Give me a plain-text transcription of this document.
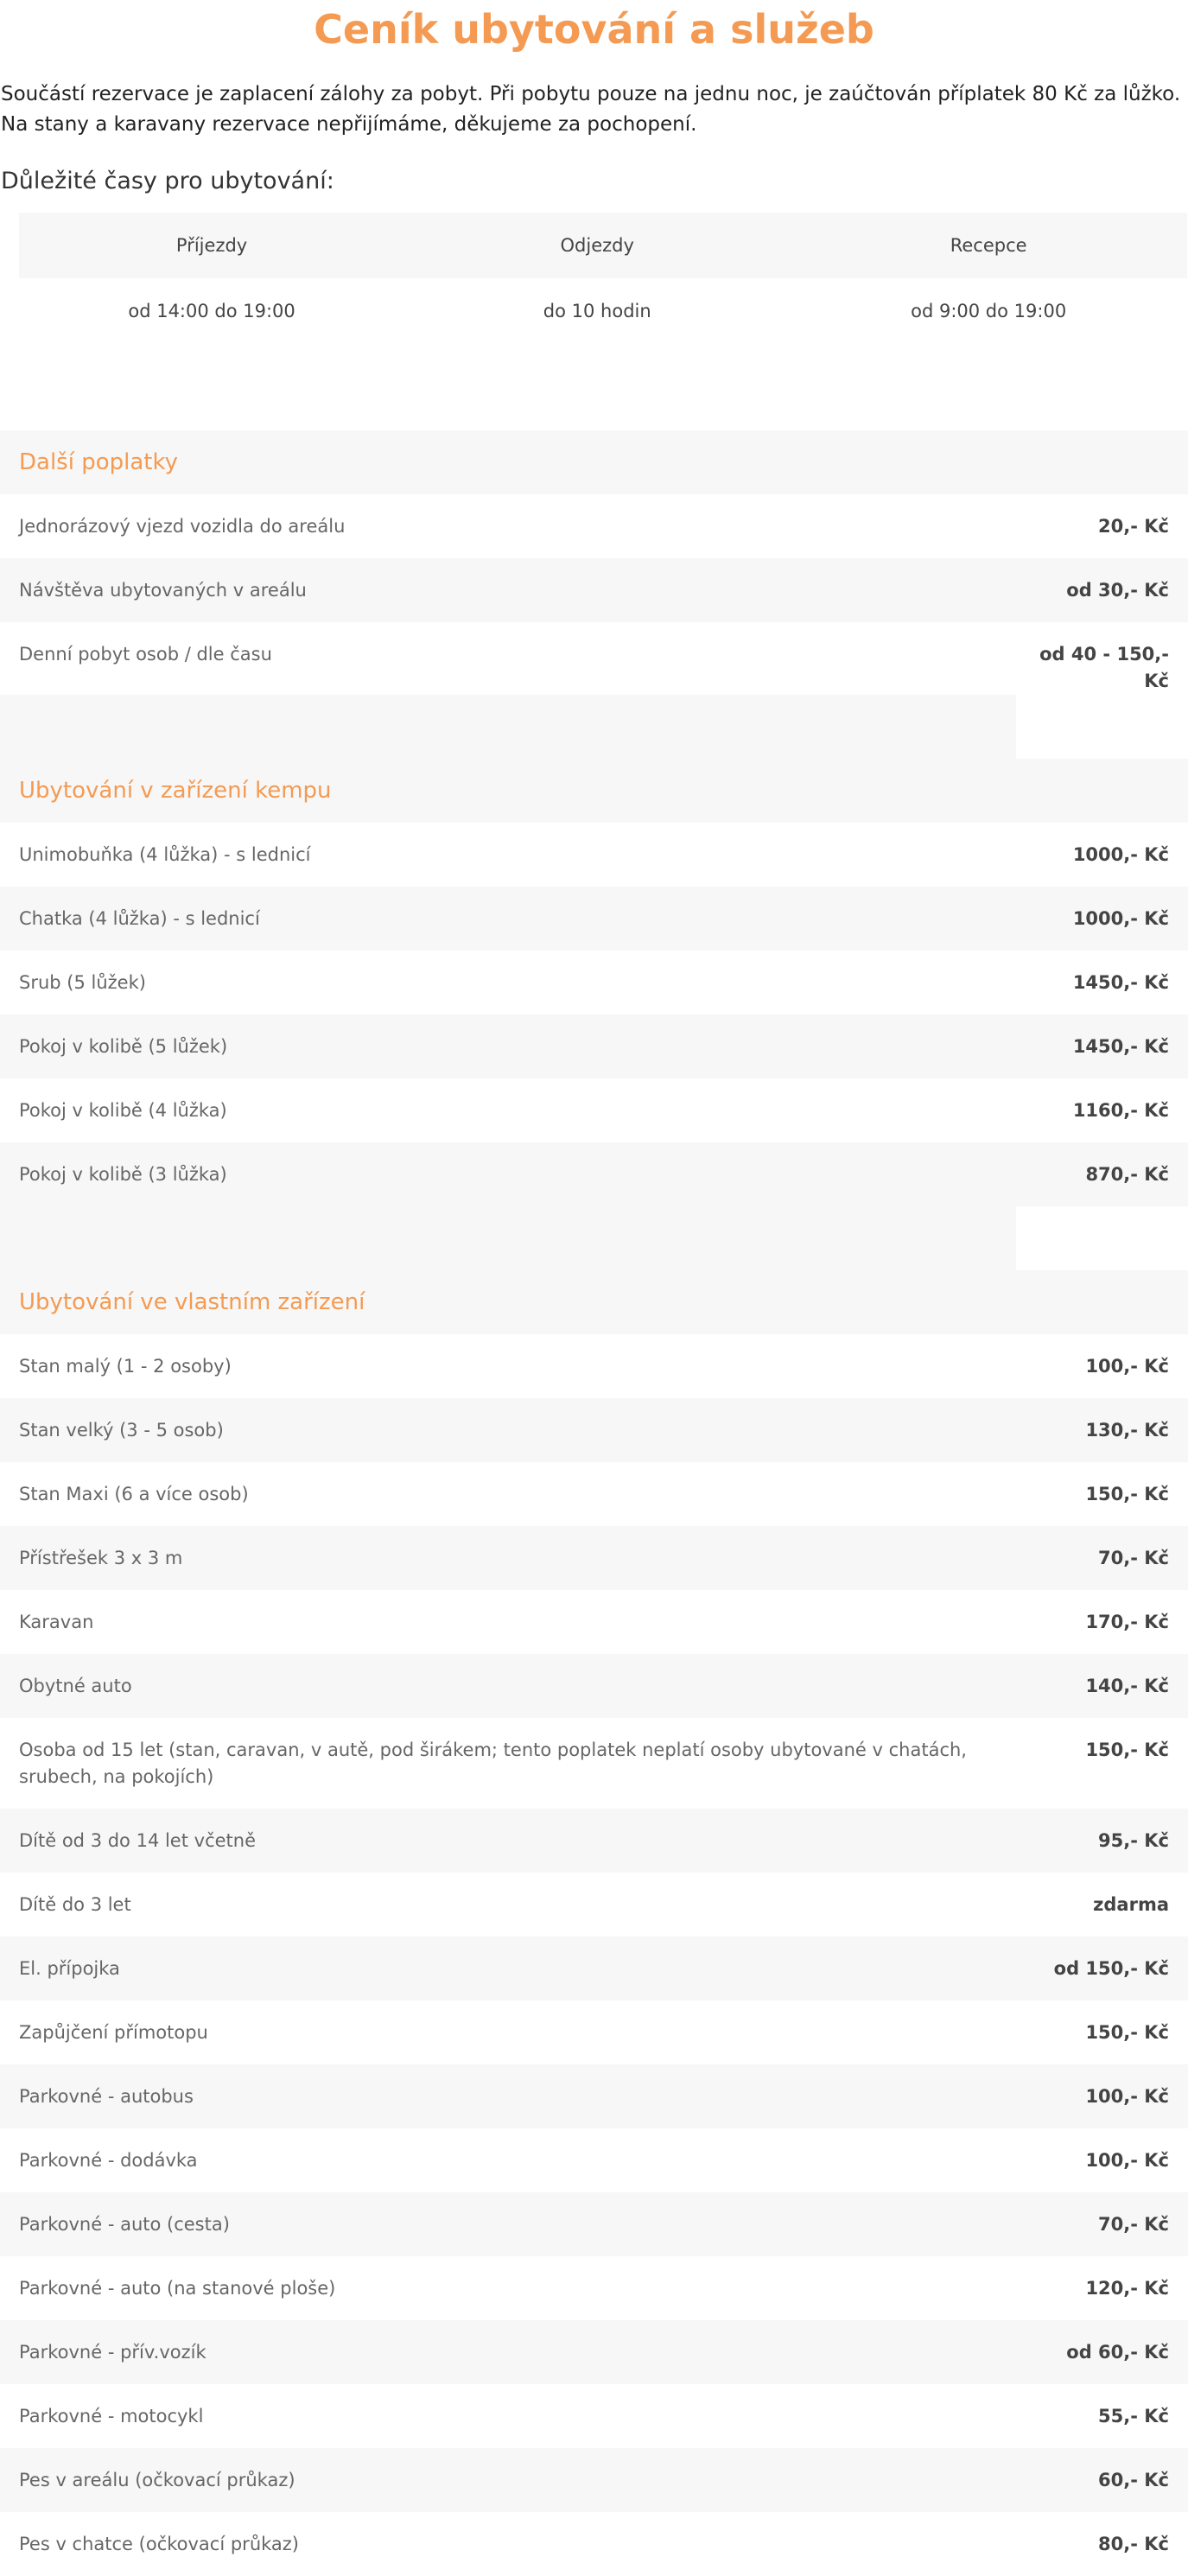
Ceník ubytování a služeb
Součástí rezervace je zaplacení zálohy za pobyt. Při pobytu pouze na jednu noc, je zaúčtován příplatek 80 Kč za lůžko.
Na stany a karavany rezervace nepřijímáme, děkujeme za pochopení.
Důležité časy pro ubytování:
Příjezdy	Odjezdy	Recepce
od 14:00 do 19:00	do 10 hodin	od 9:00 do 19:00
Další poplatky
Jednorázový vjezd vozidla do areálu	20,- Kč
Návštěva ubytovaných v areálu	od 30,- Kč
Denní pobyt osob / dle času	od 40 - 150,- Kč
Ubytování v zařízení kempu
Unimobuňka (4 lůžka) - s lednicí	1000,- Kč
Chatka (4 lůžka) - s lednicí	1000,- Kč
Srub (5 lůžek)	1450,- Kč
Pokoj v kolibě (5 lůžek)	1450,- Kč
Pokoj v kolibě (4 lůžka)	1160,- Kč
Pokoj v kolibě (3 lůžka)	870,- Kč
Ubytování ve vlastním zařízení
Stan malý (1 - 2 osoby)	100,- Kč
Stan velký (3 - 5 osob)	130,- Kč
Stan Maxi (6 a více osob)	150,- Kč
Přístřešek 3 x 3 m	70,- Kč
Karavan	170,- Kč
Obytné auto	140,- Kč
Osoba od 15 let (stan, caravan, v autě, pod širákem; tento poplatek neplatí osoby ubytované v chatách, srubech, na pokojích)
150,- Kč
Dítě od 3 do 14 let včetně	95,- Kč
Dítě do 3 let	zdarma
El. přípojka	od 150,- Kč
Zapůjčení přímotopu	150,- Kč
Parkovné - autobus	100,- Kč
Parkovné - dodávka	100,- Kč
Parkovné - auto (cesta)	70,- Kč
Parkovné - auto (na stanové ploše)	120,- Kč
Parkovné - přív.vozík	od 60,- Kč
Parkovné - motocykl	55,- Kč
Pes v areálu (očkovací průkaz)	60,- Kč
Pes v chatce (očkovací průkaz)	80,- Kč
